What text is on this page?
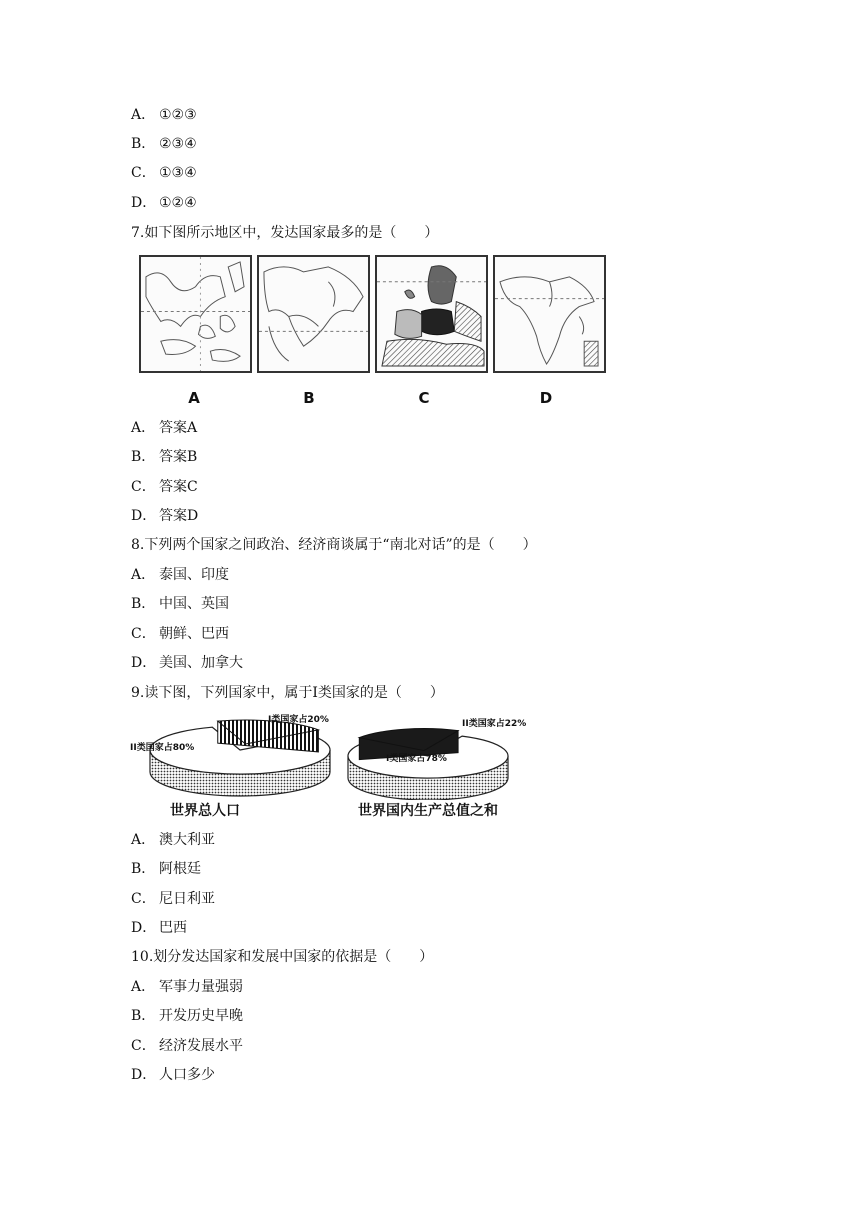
A． ①②③
B． ②③④
C． ①③④
D． ①②④
7.如下图所示地区中，发达国家最多的是（　　）
A	B	C	D
A． 答案A
B． 答案B
C． 答案C
D． 答案D
8.下列两个国家之间政治、经济商谈属于“南北对话”的是（　　）
A． 泰国、印度
B． 中国、英国
C． 朝鲜、巴西
D． 美国、加拿大
9.读下图，下列国家中，属于I类国家的是（　　）
II类国家占80%
I类国家占20%	II类国家占22%
I类国家占78%
世界总人口	世界国内生产总值之和
A． 澳大利亚
B． 阿根廷
C． 尼日利亚
D． 巴西
10.划分发达国家和发展中国家的依据是（　　）
A． 军事力量强弱
B． 开发历史早晚
C． 经济发展水平
D． 人口多少
